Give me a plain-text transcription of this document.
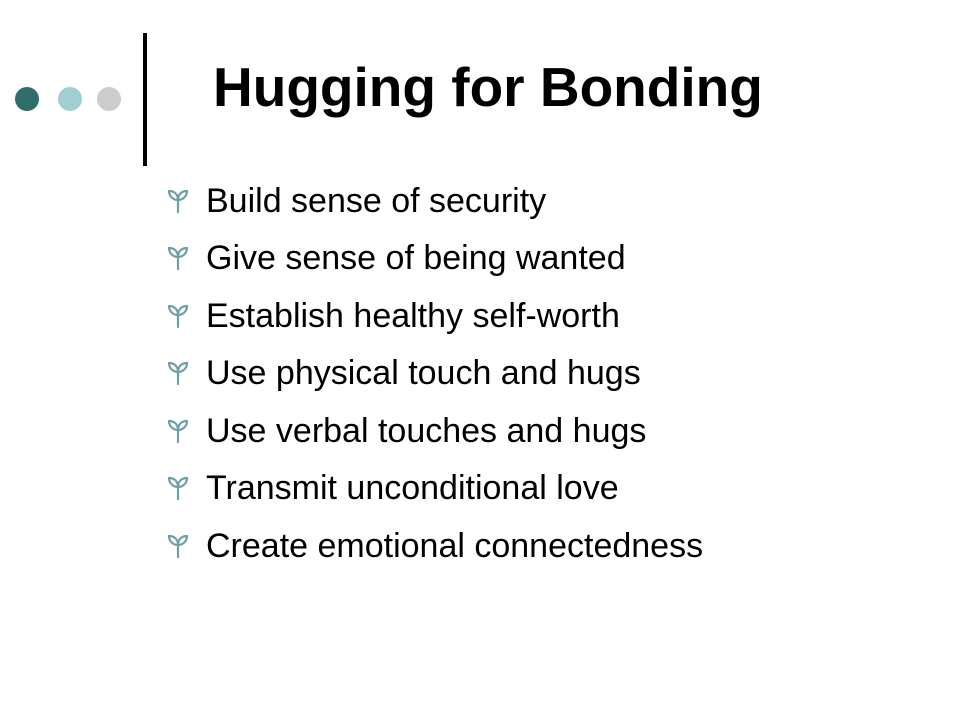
Hugging for Bonding
Build sense of security
Give sense of being wanted
Establish healthy self-worth
Use physical touch and hugs
Use verbal touches and hugs
Transmit unconditional love
Create emotional connectedness
